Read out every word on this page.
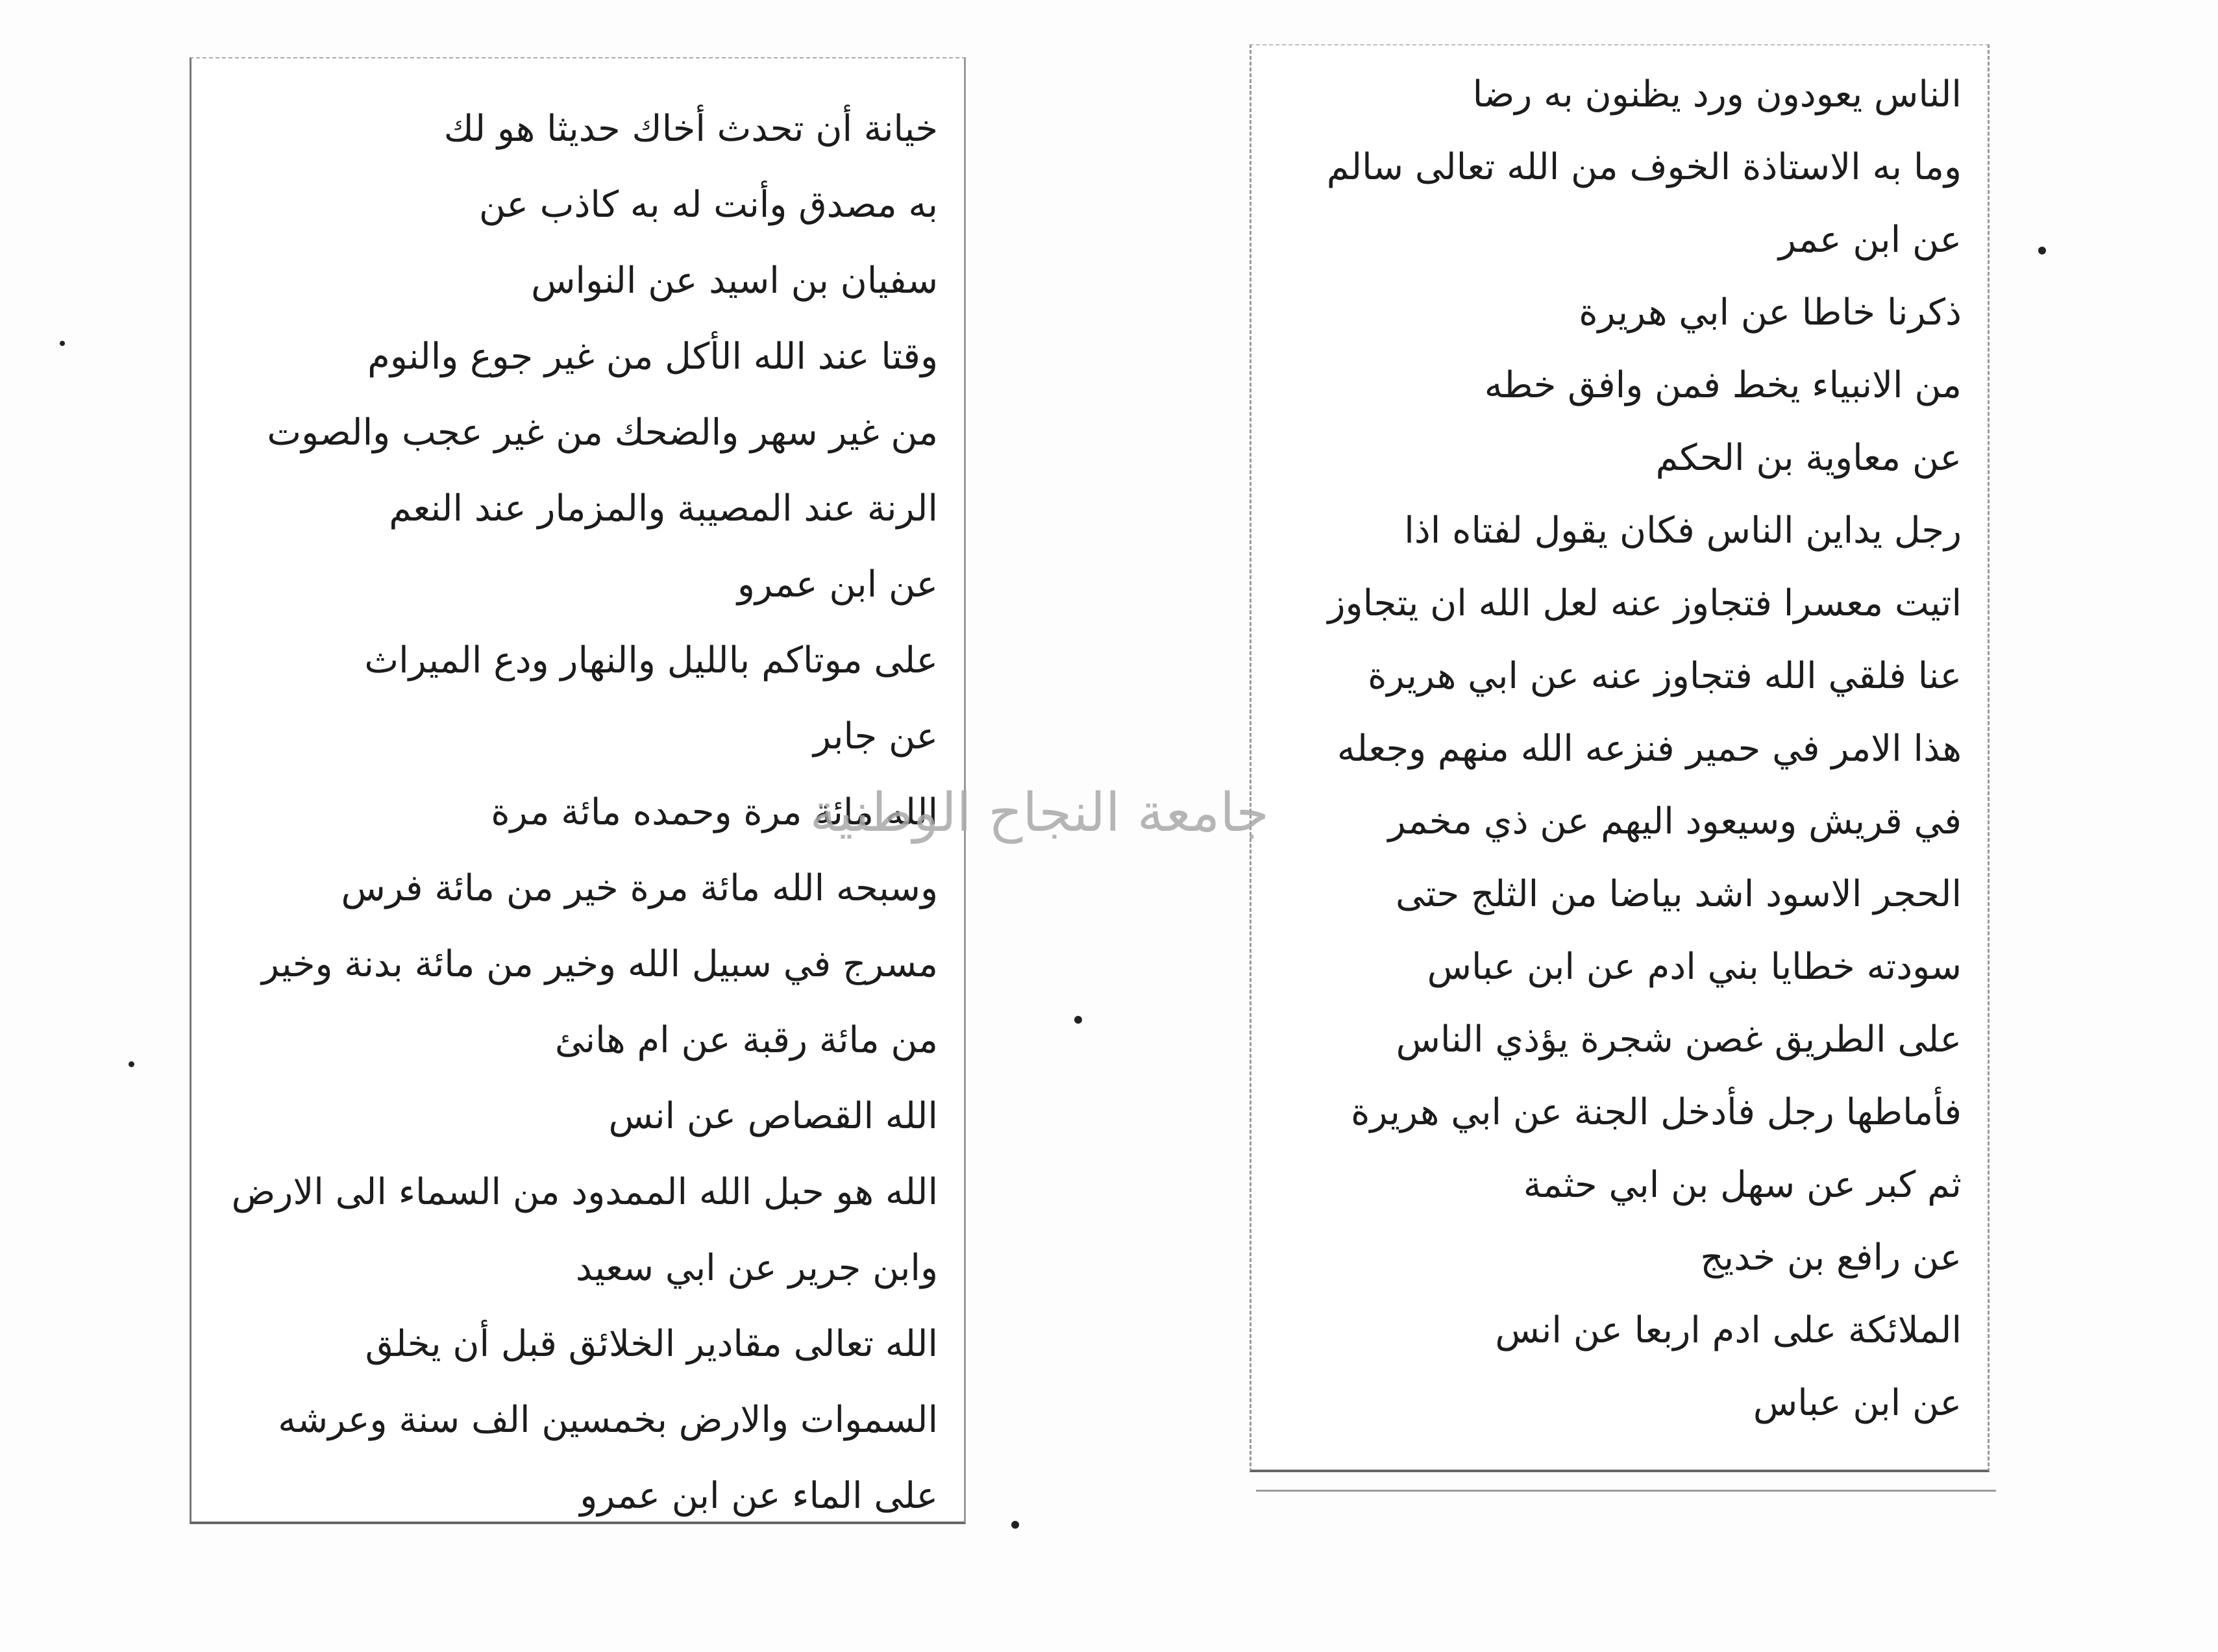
خيانة أن تحدث أخاك حديثا هو لك
به مصدق وأنت له به كاذب عن
سفيان بن اسيد عن النواس
وقتا عند الله الأكل من غير جوع والنوم
من غير سهر والضحك من غير عجب والصوت
الرنة عند المصيبة والمزمار عند النعم
عن ابن عمرو
على موتاكم بالليل والنهار ودع الميراث
عن جابر
الله مائة مرة وحمده مائة مرة
وسبحه الله مائة مرة خير من مائة فرس
مسرج في سبيل الله وخير من مائة بدنة وخير
من مائة رقبة عن ام هانئ
الله القصاص عن انس
الله هو حبل الله الممدود من السماء الى الارض
وابن جرير عن ابي سعيد
الله تعالى مقادير الخلائق قبل أن يخلق
السموات والارض بخمسين الف سنة وعرشه
على الماء عن ابن عمرو
الناس يعودون ورد يظنون به رضا
وما به الاستاذة الخوف من الله تعالى سالم
عن ابن عمر
ذكرنا خاطا عن ابي هريرة
من الانبياء يخط فمن وافق خطه
عن معاوية بن الحكم
رجل يداين الناس فكان يقول لفتاه اذا
اتيت معسرا فتجاوز عنه لعل الله ان يتجاوز
عنا فلقي الله فتجاوز عنه عن ابي هريرة
هذا الامر في حمير فنزعه الله منهم وجعله
في قريش وسيعود اليهم عن ذي مخمر
الحجر الاسود اشد بياضا من الثلج حتى
سودته خطايا بني ادم عن ابن عباس
على الطريق غصن شجرة يؤذي الناس
فأماطها رجل فأدخل الجنة عن ابي هريرة
ثم كبر عن سهل بن ابي حثمة
عن رافع بن خديج
الملائكة على ادم اربعا عن انس
عن ابن عباس
جامعة النجاح الوطنية
